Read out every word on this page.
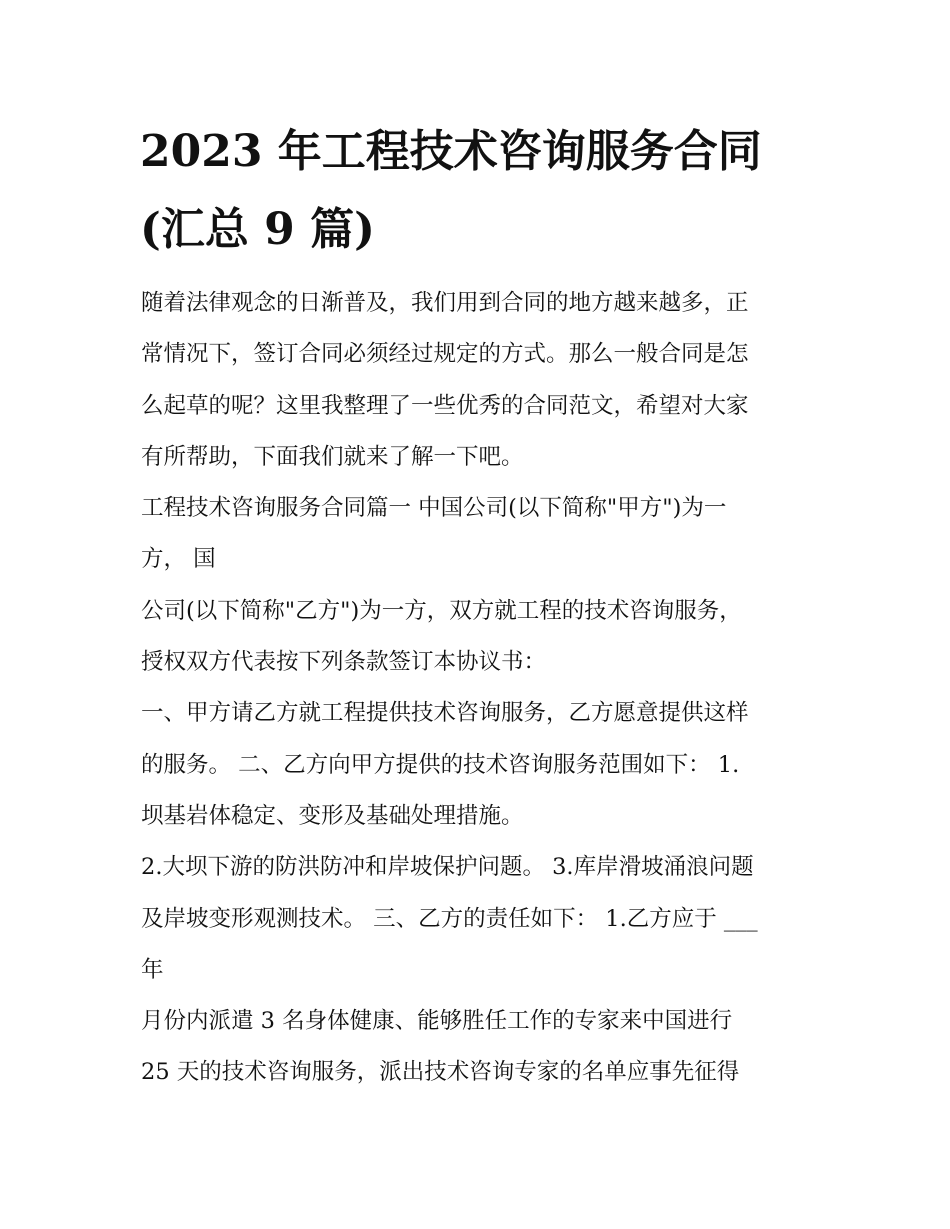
2023 年工程技术咨询服务合同
(汇总 9 篇)
随着法律观念的日渐普及，我们用到合同的地方越来越多，正
常情况下，签订合同必须经过规定的方式。那么一般合同是怎
么起草的呢？这里我整理了一些优秀的合同范文，希望对大家
有所帮助，下面我们就来了解一下吧。
工程技术咨询服务合同篇一 中国公司(以下简称"甲方")为一
方， 国
公司(以下简称"乙方")为一方，双方就工程的技术咨询服务，
授权双方代表按下列条款签订本协议书：
一、甲方请乙方就工程提供技术咨询服务，乙方愿意提供这样
的服务。 二、乙方向甲方提供的技术咨询服务范围如下： 1.
坝基岩体稳定、变形及基础处理措施。
2.大坝下游的防洪防冲和岸坡保护问题。 3.库岸滑坡涌浪问题
及岸坡变形观测技术。 三、乙方的责任如下： 1.乙方应于 ___
年
月份内派遣 3 名身体健康、能够胜任工作的专家来中国进行
25 天的技术咨询服务，派出技术咨询专家的名单应事先征得
